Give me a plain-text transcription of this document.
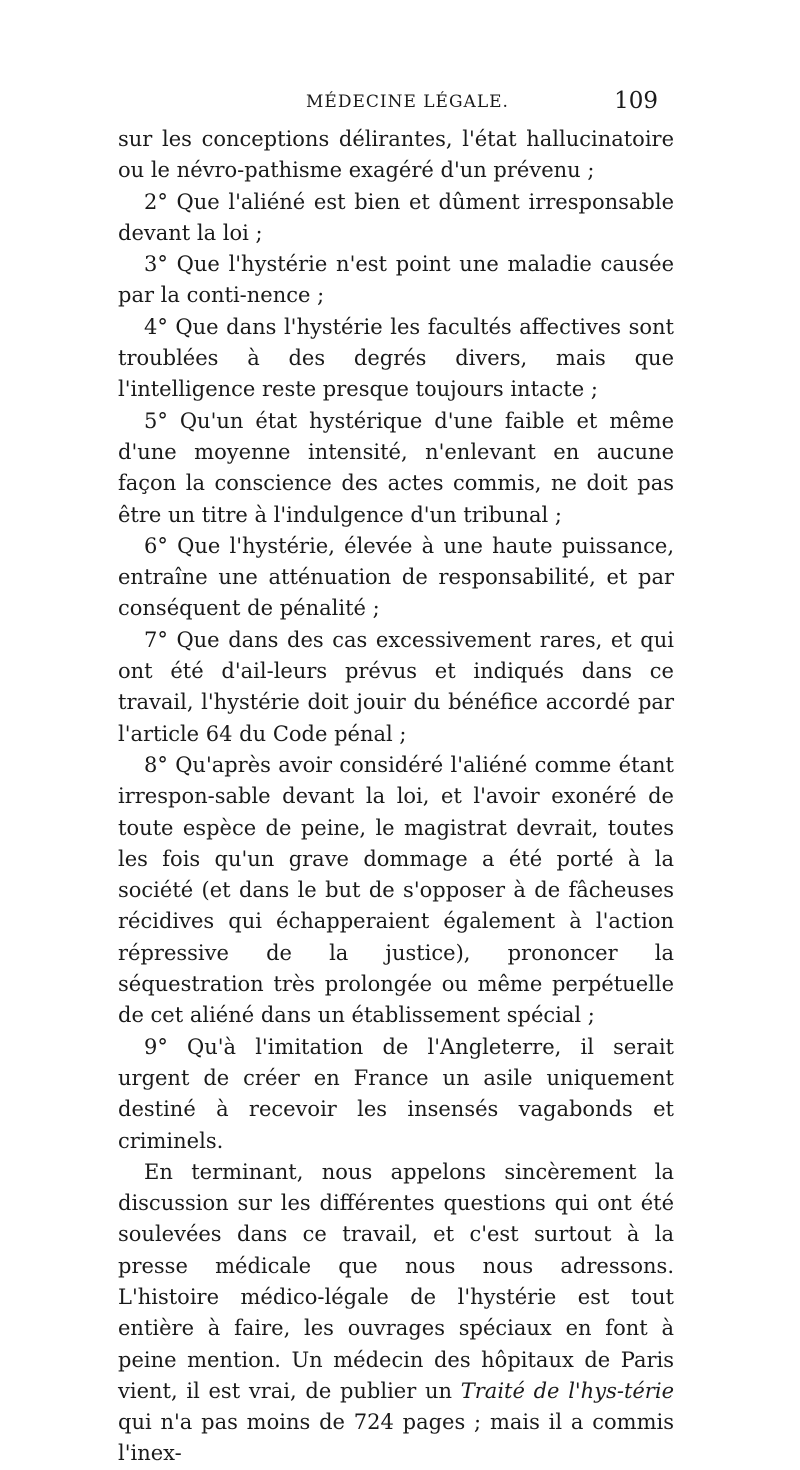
MÉDECINE LÉGALE.	109

sur les conceptions délirantes, l'état hallucinatoire ou le névro-pathisme exagéré d'un prévenu ;

2° Que l'aliéné est bien et dûment irresponsable devant la loi ;

3° Que l'hystérie n'est point une maladie causée par la conti-nence ;

4° Que dans l'hystérie les facultés affectives sont troublées à des degrés divers, mais que l'intelligence reste presque toujours intacte ;

5° Qu'un état hystérique d'une faible et même d'une moyenne intensité, n'enlevant en aucune façon la conscience des actes commis, ne doit pas être un titre à l'indulgence d'un tribunal ;

6° Que l'hystérie, élevée à une haute puissance, entraîne une atténuation de responsabilité, et par conséquent de pénalité ;

7° Que dans des cas excessivement rares, et qui ont été d'ail-leurs prévus et indiqués dans ce travail, l'hystérie doit jouir du bénéfice accordé par l'article 64 du Code pénal ;

8° Qu'après avoir considéré l'aliéné comme étant irrespon-sable devant la loi, et l'avoir exonéré de toute espèce de peine, le magistrat devrait, toutes les fois qu'un grave dommage a été porté à la société (et dans le but de s'opposer à de fâcheuses récidives qui échapperaient également à l'action répressive de la justice), prononcer la séquestration très prolongée ou même perpétuelle de cet aliéné dans un établissement spécial ;

9° Qu'à l'imitation de l'Angleterre, il serait urgent de créer en France un asile uniquement destiné à recevoir les insensés vagabonds et criminels.

En terminant, nous appelons sincèrement la discussion sur les différentes questions qui ont été soulevées dans ce travail, et c'est surtout à la presse médicale que nous nous adressons. L'histoire médico-légale de l'hystérie est tout entière à faire, les ouvrages spéciaux en font à peine mention. Un médecin des hôpitaux de Paris vient, il est vrai, de publier un Traité de l'hys-térie qui n'a pas moins de 724 pages ; mais il a commis l'inex-
